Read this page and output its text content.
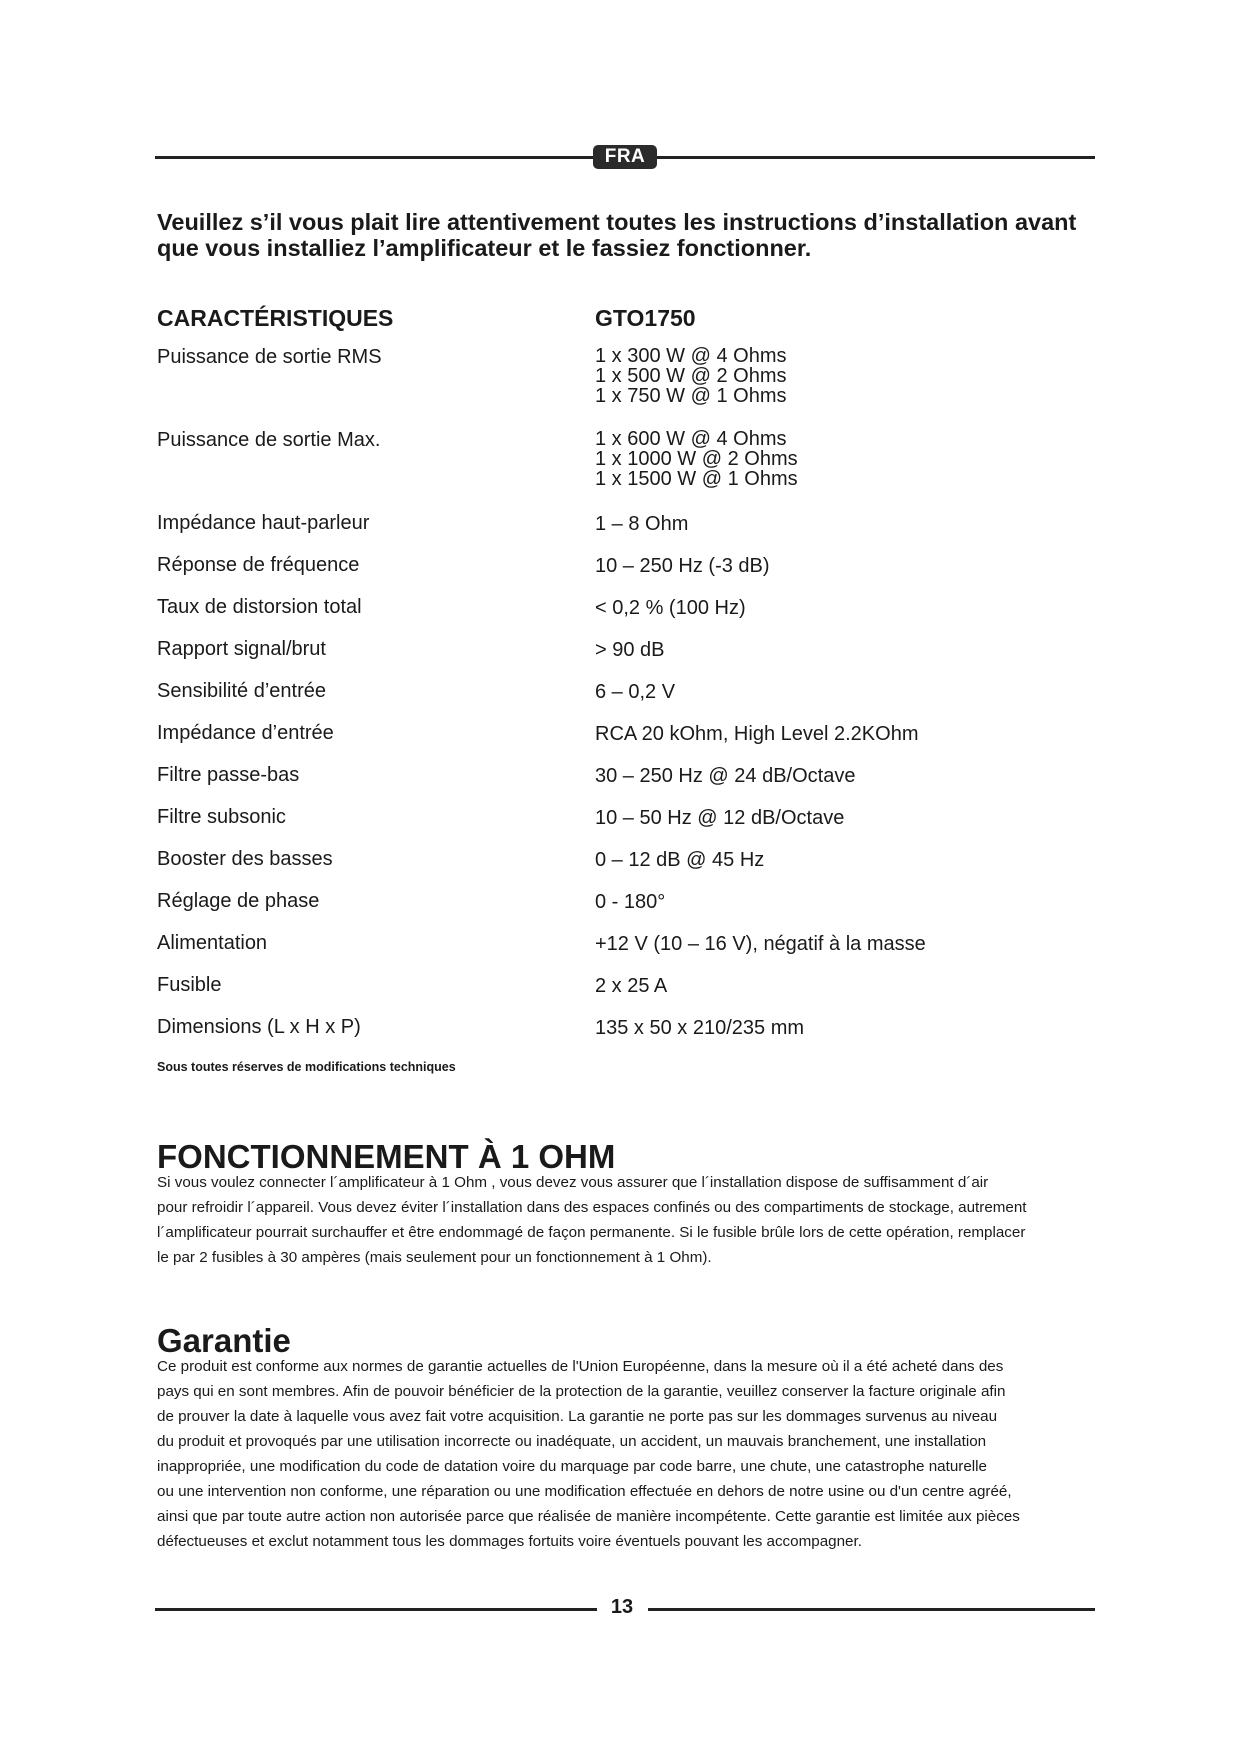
FRA

Veuillez s’il vous plait lire attentivement toutes les instructions d’installation avant que vous installiez l’amplificateur et le fassiez fonctionner.

CARACTÉRISTIQUES	GTO1750
Puissance de sortie RMS	1 x 300 W @ 4 Ohms
1 x 500 W @ 2 Ohms
1 x 750 W @ 1 Ohms
Puissance de sortie Max.	1 x 600 W @ 4 Ohms
1 x 1000 W @ 2 Ohms
1 x 1500 W @ 1 Ohms
Impédance haut-parleur	1 – 8 Ohm
Réponse de fréquence	10 – 250 Hz (-3 dB)
Taux de distorsion total	< 0,2 % (100 Hz)
Rapport signal/brut	> 90 dB
Sensibilité d’entrée	6 – 0,2 V
Impédance d’entrée	RCA 20 kOhm, High Level 2.2KOhm
Filtre passe-bas	30 – 250 Hz @ 24 dB/Octave
Filtre subsonic	10 – 50 Hz @ 12 dB/Octave
Booster des basses	0 – 12 dB @ 45 Hz
Réglage de phase	0 - 180°
Alimentation	+12 V (10 – 16 V), négatif à la masse
Fusible	2 x 25 A
Dimensions (L x H x P)	135 x 50 x 210/235 mm

Sous toutes réserves de modifications techniques

FONCTIONNEMENT À 1 OHM
Si vous voulez connecter l´amplificateur à 1 Ohm , vous devez vous assurer que l´installation dispose de suffisamment d´air
pour refroidir l´appareil. Vous devez éviter l´installation dans des espaces confinés ou des compartiments de stockage, autrement
l´amplificateur pourrait surchauffer et être endommagé de façon permanente. Si le fusible brûle lors de cette opération, remplacer
le par 2 fusibles à 30 ampères (mais seulement pour un fonctionnement à 1 Ohm).
Garantie
Ce produit est conforme aux normes de garantie actuelles de l'Union Européenne, dans la mesure où il a été acheté dans des
pays qui en sont membres. Afin de pouvoir bénéficier de la protection de la garantie, veuillez conserver la facture originale afin
de prouver la date à laquelle vous avez fait votre acquisition. La garantie ne porte pas sur les dommages survenus au niveau
du produit et provoqués par une utilisation incorrecte ou inadéquate, un accident, un mauvais branchement, une installation
inappropriée, une modification du code de datation voire du marquage par code barre, une chute, une catastrophe naturelle
ou une intervention non conforme, une réparation ou une modification effectuée en dehors de notre usine ou d'un centre agréé,
ainsi que par toute autre action non autorisée parce que réalisée de manière incompétente. Cette garantie est limitée aux pièces
défectueuses et exclut notamment tous les dommages fortuits voire éventuels pouvant les accompagner.
13
